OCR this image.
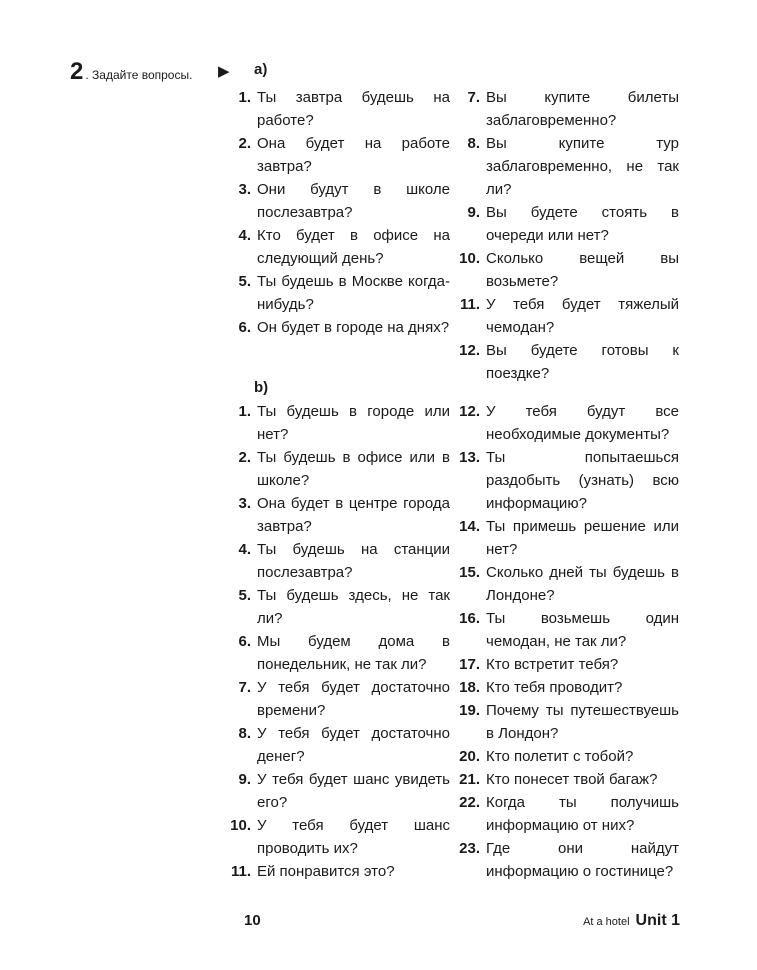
2 . Задайте вопросы. ▶ a)
1. Ты завтра будешь на работе?
2. Она будет на работе завтра?
3. Они будут в школе послезавтра?
4. Кто будет в офисе на следующий день?
5. Ты будешь в Москве когда-нибудь?
6. Он будет в городе на днях?
7. Вы купите билеты заблаговременно?
8. Вы купите тур заблаговременно, не так ли?
9. Вы будете стоять в очереди или нет?
10. Сколько вещей вы возьмете?
11. У тебя будет тяжелый чемодан?
12. Вы будете готовы к поездке?
b)
1. Ты будешь в городе или нет?
2. Ты будешь в офисе или в школе?
3. Она будет в центре города завтра?
4. Ты будешь на станции послезавтра?
5. Ты будешь здесь, не так ли?
6. Мы будем дома в понедельник, не так ли?
7. У тебя будет достаточно времени?
8. У тебя будет достаточно денег?
9. У тебя будет шанс увидеть его?
10. У тебя будет шанс проводить их?
11. Ей понравится это?
12. У тебя будут все необходимые документы?
13. Ты попытаешься раздобыть (узнать) всю информацию?
14. Ты примешь решение или нет?
15. Сколько дней ты будешь в Лондоне?
16. Ты возьмешь один чемодан, не так ли?
17. Кто встретит тебя?
18. Кто тебя проводит?
19. Почему ты путешествуешь в Лондон?
20. Кто полетит с тобой?
21. Кто понесет твой багаж?
22. Когда ты получишь информацию от них?
23. Где они найдут информацию о гостинице?
10	At a hotel Unit 1
